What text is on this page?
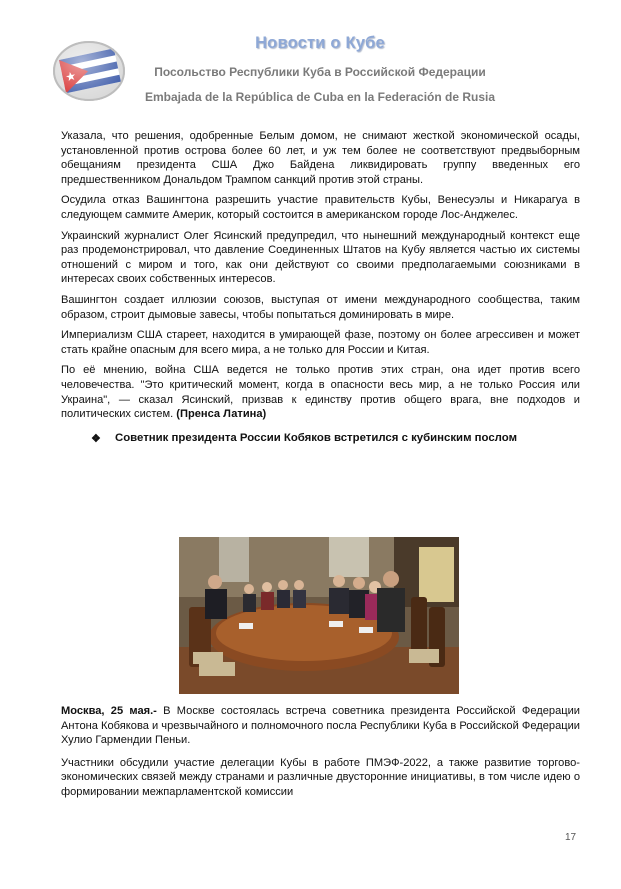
Новости о Кубе
Посольство Республики Куба в Российской Федерации
Embajada de la República de Cuba en la Federación de Rusia

Указала, что решения, одобренные Белым домом, не снимают жесткой экономической осады, установленной против острова более 60 лет, и уж тем более не соответствуют предвыборным обещаниям президента США Джо Байдена ликвидировать группу введенных его предшественником Дональдом Трампом санкций против этой страны.

Осудила отказ Вашингтона разрешить участие правительств Кубы, Венесуэлы и Никарагуа в следующем саммите Америк, который состоится в американском городе Лос-Анджелес.

Украинский журналист Олег Ясинский предупредил, что нынешний международный контекст еще раз продемонстрировал, что давление Соединенных Штатов на Кубу является частью их системы отношений с миром и того, как они действуют со своими предполагаемыми союзниками в интересах своих собственных интересов.

Вашингтон создает иллюзии союзов, выступая от имени международного сообщества, таким образом, строит дымовые завесы, чтобы попытаться доминировать в мире.

Империализм США стареет, находится в умирающей фазе, поэтому он более агрессивен и может стать крайне опасным для всего мира, а не только для России и Китая.

По её мнению, война США ведется не только против этих стран, она идет против всего человечества. "Это критический момент, когда в опасности весь мир, а не только Россия или Украина", — сказал Ясинский, призвав к единству против общего врага, вне подходов и политических систем. (Пренса Латина)

❖	Советник президента России Кобяков встретился с кубинским послом

Москва, 25 мая.- В Москве состоялась встреча советника президента Российской Федерации Антона Кобякова и чрезвычайного и полномочного посла Республики Куба в Российской Федерации Хулио Гармендии Пеньи.

Участники обсудили участие делегации Кубы в работе ПМЭФ-2022, а также развитие торгово-экономических связей между странами и различные двусторонние инициативы, в том числе идею о формировании межпарламентской комиссии

17
